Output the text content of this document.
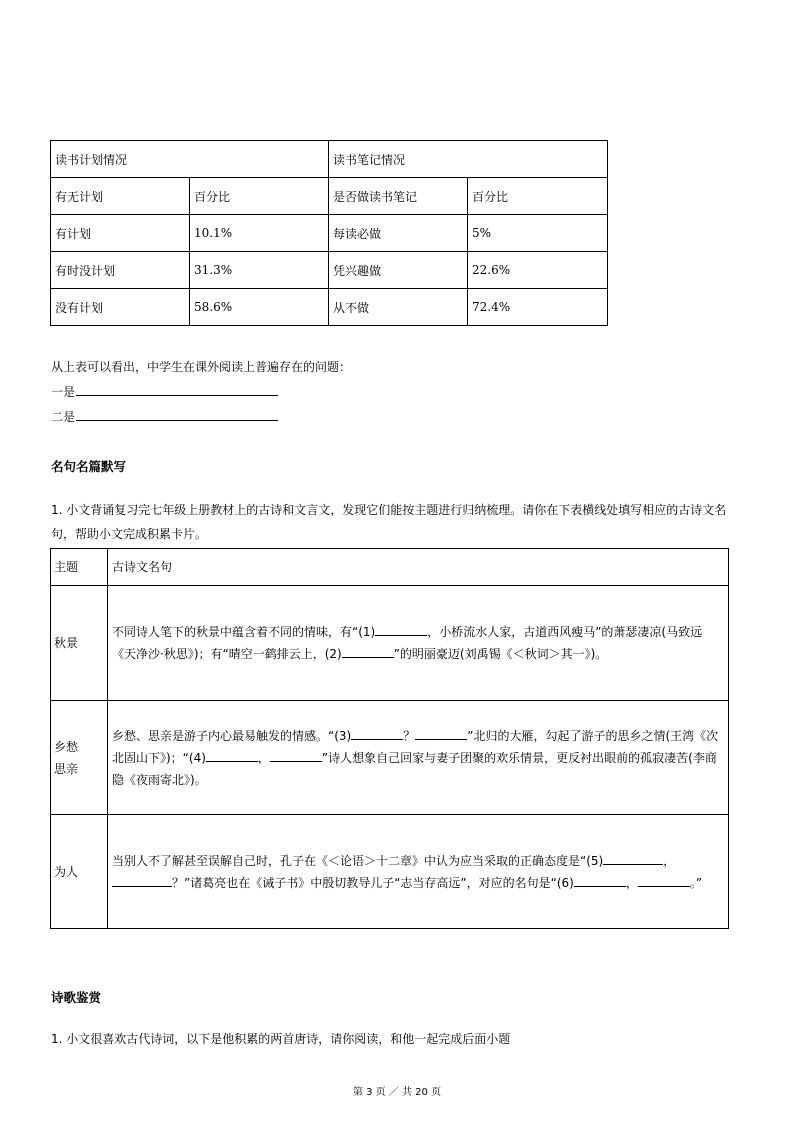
读书计划情况		读书笔记情况	
有无计划	百分比	是否做读书笔记	百分比
有计划	10.1%	每读必做	5%
有时没计划	31.3%	凭兴趣做	22.6%
没有计划	58.6%	从不做	72.4%
从上表可以看出，中学生在课外阅读上普遍存在的问题：
一是
二是
名句名篇默写
1. 小文背诵复习完七年级上册教材上的古诗和文言文，发现它们能按主题进行归纳梳理。请你在下表横线处填写相应的古诗文名句，帮助小文完成积累卡片。
主题	古诗文名句
秋景	不同诗人笔下的秋景中蕴含着不同的情味，有“(1) ，小桥流水人家，古道西风瘦马”的萧瑟凄凉(马致远《天净沙·秋思》)；有“晴空一鹤排云上，(2) ”的明丽豪迈(刘禹锡《＜秋词＞其一》)。
乡愁
思亲	乡愁、思亲是游子内心最易触发的情感。“(3) ？ ”北归的大雁，勾起了游子的思乡之情(王湾《次北固山下》)；“(4) ， ”诗人想象自己回家与妻子团聚的欢乐情景，更反衬出眼前的孤寂凄苦(李商隐《夜雨寄北》)。
为人	当别人不了解甚至误解自己时，孔子在《＜论语＞十二章》中认为应当采取的正确态度是“(5) ，？”诸葛亮也在《诫子书》中殷切教导儿子“志当存高远”，对应的名句是“(6) ， 。”
诗歌鉴赏
1. 小文很喜欢古代诗词，以下是他积累的两首唐诗，请你阅读，和他一起完成后面小题
第 3 页 ／ 共 20 页
